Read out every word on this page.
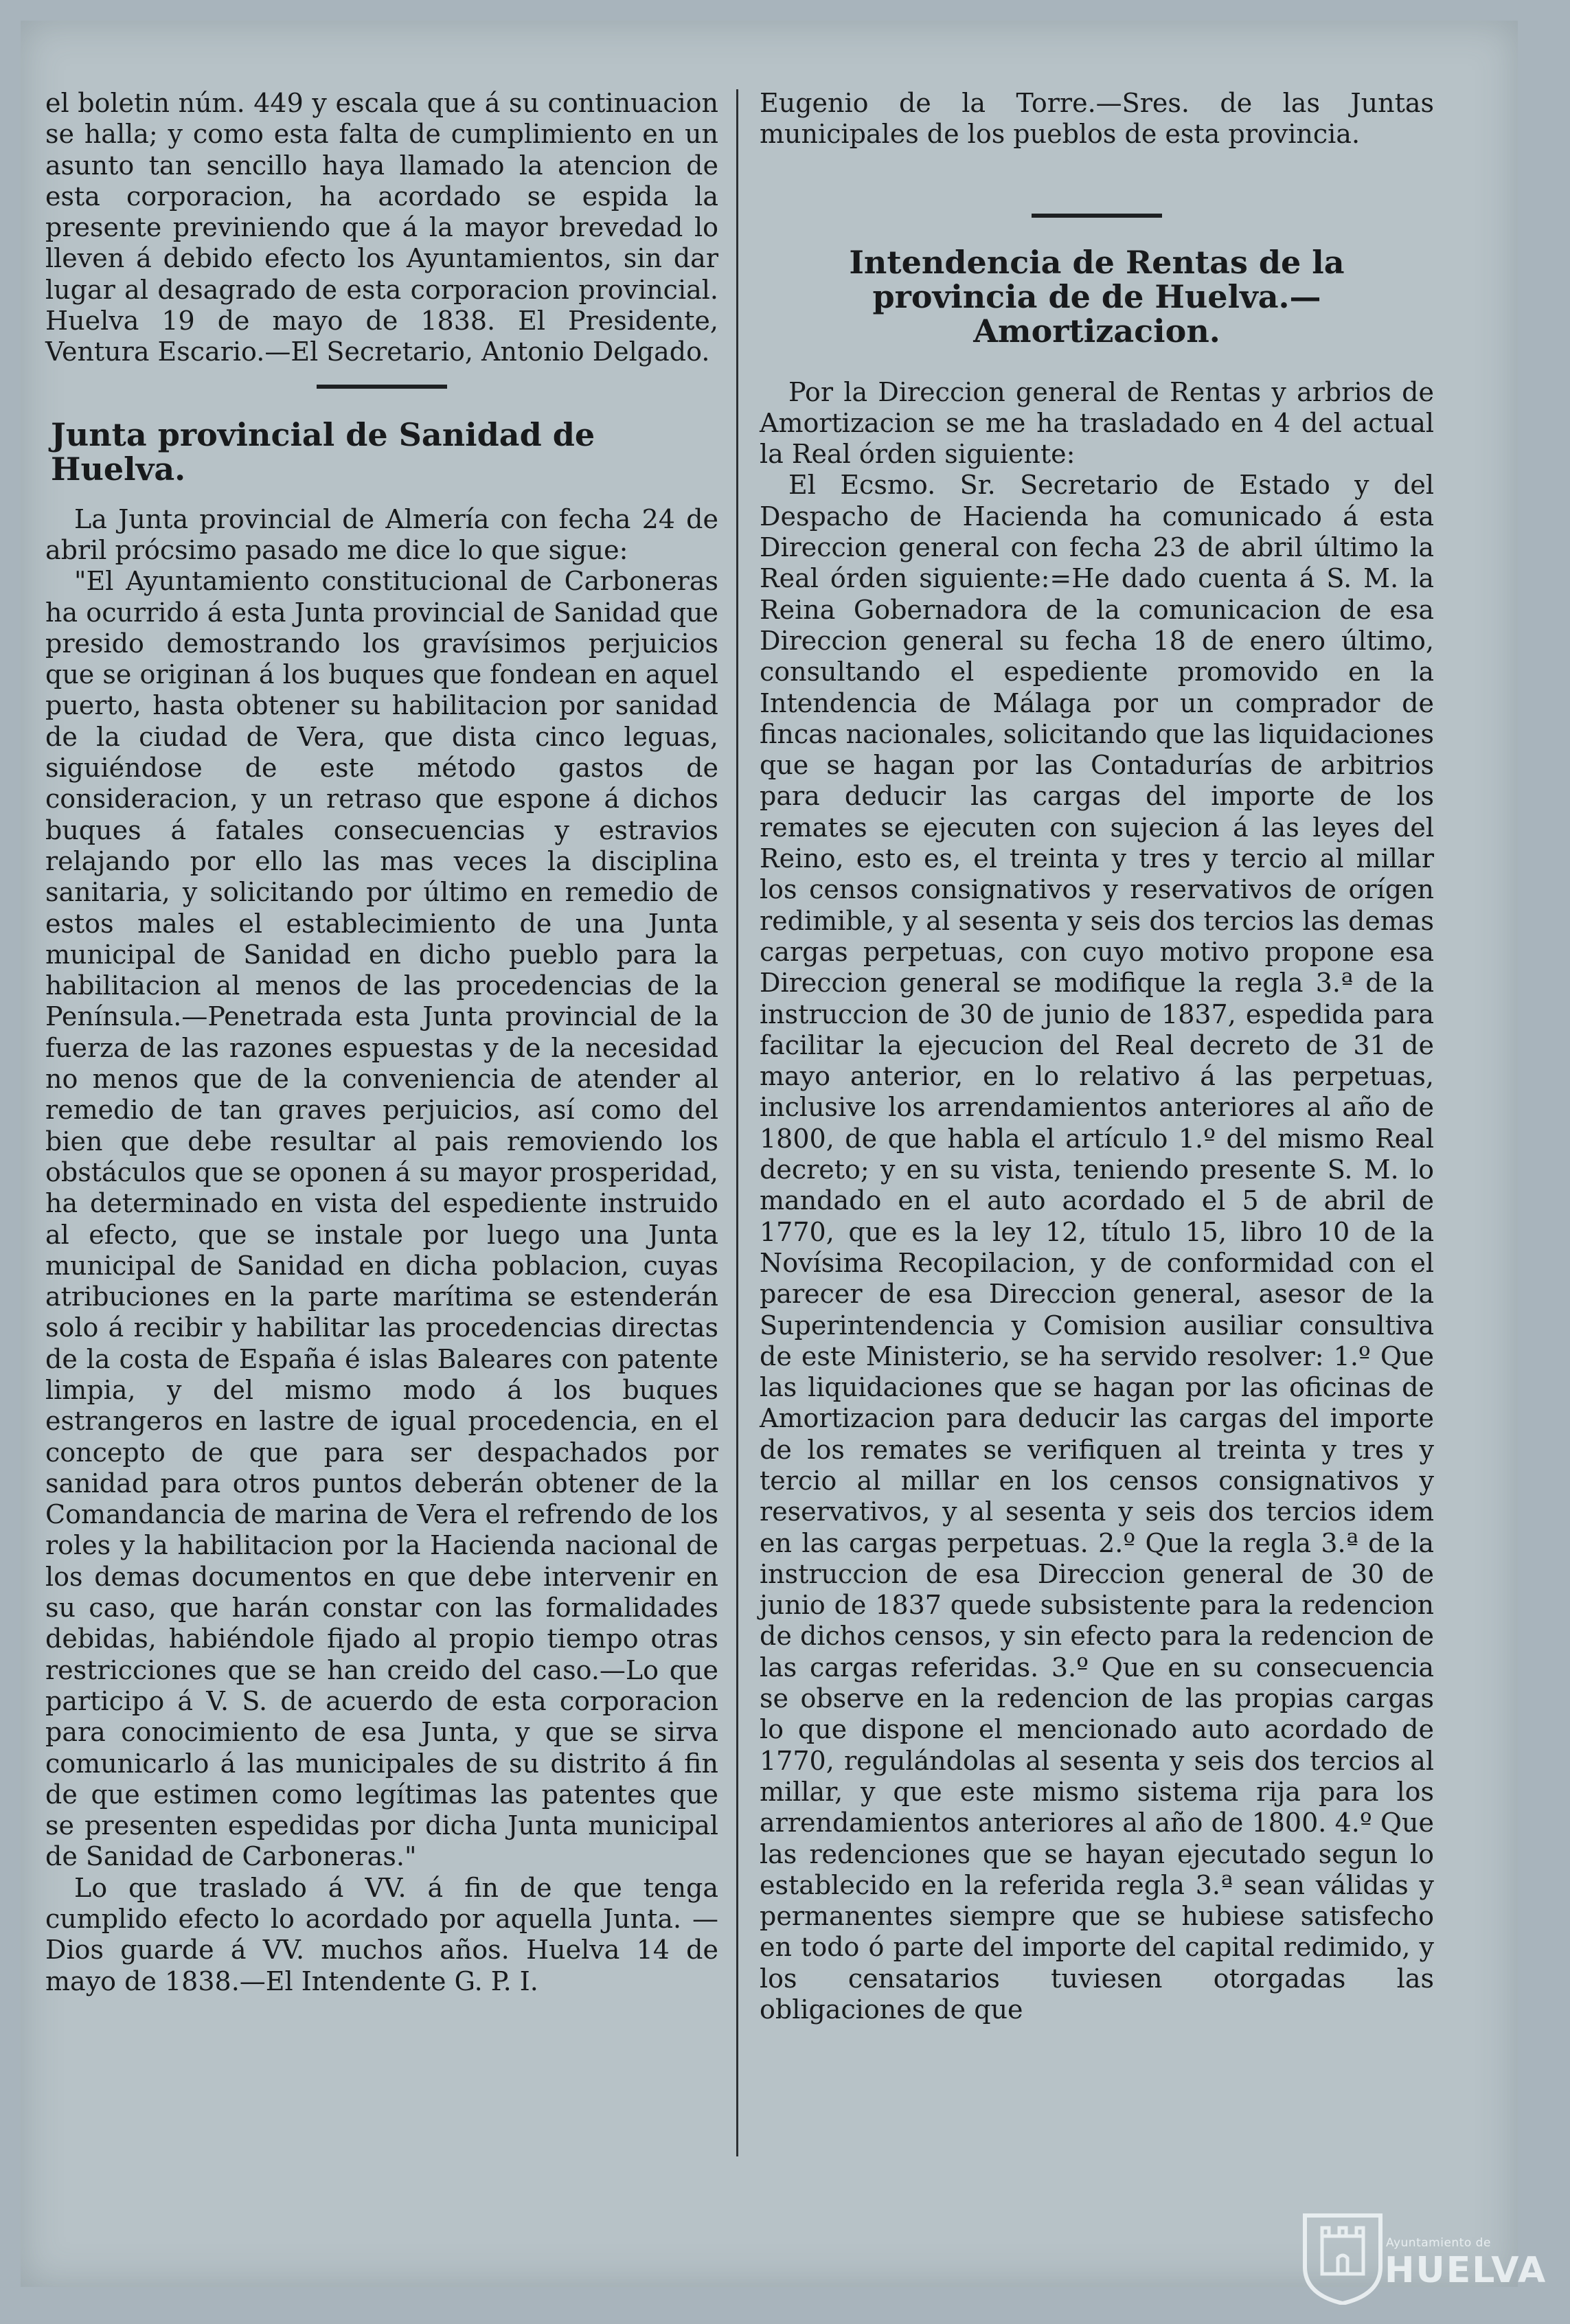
el boletin núm. 449 y escala que á su continuacion se halla; y como esta falta de cumplimiento en un asunto tan sencillo haya llamado la atencion de esta corporacion, ha acordado se espida la presente previniendo que á la mayor brevedad lo lleven á debido efecto los Ayuntamientos, sin dar lugar al desagrado de esta corporacion provincial. Huelva 19 de mayo de 1838. El Presidente, Ventura Escario.—El Secretario, Antonio Delgado.

Junta provincial de Sanidad de Huelva.

La Junta provincial de Almería con fecha 24 de abril prócsimo pasado me dice lo que sigue:

"El Ayuntamiento constitucional de Carboneras ha ocurrido á esta Junta provincial de Sanidad que presido demostrando los gravísimos perjuicios que se originan á los buques que fondean en aquel puerto, hasta obtener su habilitacion por sanidad de la ciudad de Vera, que dista cinco leguas, siguiéndose de este método gastos de consideracion, y un retraso que espone á dichos buques á fatales consecuencias y estravios relajando por ello las mas veces la disciplina sanitaria, y solicitando por último en remedio de estos males el establecimiento de una Junta municipal de Sanidad en dicho pueblo para la habilitacion al menos de las procedencias de la Península.—Penetrada esta Junta provincial de la fuerza de las razones espuestas y de la necesidad no menos que de la conveniencia de atender al remedio de tan graves perjuicios, así como del bien que debe resultar al pais removiendo los obstáculos que se oponen á su mayor prosperidad, ha determinado en vista del espediente instruido al efecto, que se instale por luego una Junta municipal de Sanidad en dicha poblacion, cuyas atribuciones en la parte marítima se estenderán solo á recibir y habilitar las procedencias directas de la costa de España é islas Baleares con patente limpia, y del mismo modo á los buques estrangeros en lastre de igual procedencia, en el concepto de que para ser despachados por sanidad para otros puntos deberán obtener de la Comandancia de marina de Vera el refrendo de los roles y la habilitacion por la Hacienda nacional de los demas documentos en que debe intervenir en su caso, que harán constar con las formalidades debidas, habiéndole fijado al propio tiempo otras restricciones que se han creido del caso.—Lo que participo á V. S. de acuerdo de esta corporacion para conocimiento de esa Junta, y que se sirva comunicarlo á las municipales de su distrito á fin de que estimen como legítimas las patentes que se presenten espedidas por dicha Junta municipal de Sanidad de Carboneras."

Lo que traslado á VV. á fin de que tenga cumplido efecto lo acordado por aquella Junta. —Dios guarde á VV. muchos años. Huelva 14 de mayo de 1838.—El Intendente G. P. I.

Eugenio de la Torre.—Sres. de las Juntas municipales de los pueblos de esta provincia.

Intendencia de Rentas de la provincia de de Huelva.—Amortizacion.

Por la Direccion general de Rentas y arbrios de Amortizacion se me ha trasladado en 4 del actual la Real órden siguiente:

El Ecsmo. Sr. Secretario de Estado y del Despacho de Hacienda ha comunicado á esta Direccion general con fecha 23 de abril último la Real órden siguiente:=He dado cuenta á S. M. la Reina Gobernadora de la comunicacion de esa Direccion general su fecha 18 de enero último, consultando el espediente promovido en la Intendencia de Málaga por un comprador de fincas nacionales, solicitando que las liquidaciones que se hagan por las Contadurías de arbitrios para deducir las cargas del importe de los remates se ejecuten con sujecion á las leyes del Reino, esto es, el treinta y tres y tercio al millar los censos consignativos y reservativos de orígen redimible, y al sesenta y seis dos tercios las demas cargas perpetuas, con cuyo motivo propone esa Direccion general se modifique la regla 3.ª de la instruccion de 30 de junio de 1837, espedida para facilitar la ejecucion del Real decreto de 31 de mayo anterior, en lo relativo á las perpetuas, inclusive los arrendamientos anteriores al año de 1800, de que habla el artículo 1.º del mismo Real decreto; y en su vista, teniendo presente S. M. lo mandado en el auto acordado el 5 de abril de 1770, que es la ley 12, título 15, libro 10 de la Novísima Recopilacion, y de conformidad con el parecer de esa Direccion general, asesor de la Superintendencia y Comision ausiliar consultiva de este Ministerio, se ha servido resolver: 1.º Que las liquidaciones que se hagan por las oficinas de Amortizacion para deducir las cargas del importe de los remates se verifiquen al treinta y tres y tercio al millar en los censos consignativos y reservativos, y al sesenta y seis dos tercios idem en las cargas perpetuas. 2.º Que la regla 3.ª de la instruccion de esa Direccion general de 30 de junio de 1837 quede subsistente para la redencion de dichos censos, y sin efecto para la redencion de las cargas referidas. 3.º Que en su consecuencia se observe en la redencion de las propias cargas lo que dispone el mencionado auto acordado de 1770, regulándolas al sesenta y seis dos tercios al millar, y que este mismo sistema rija para los arrendamientos anteriores al año de 1800. 4.º Que las redenciones que se hayan ejecutado segun lo establecido en la referida regla 3.ª sean válidas y permanentes siempre que se hubiese satisfecho en todo ó parte del importe del capital redimido, y los censatarios tuviesen otorgadas las obligaciones de que

Ayuntamiento de
HUELVA
